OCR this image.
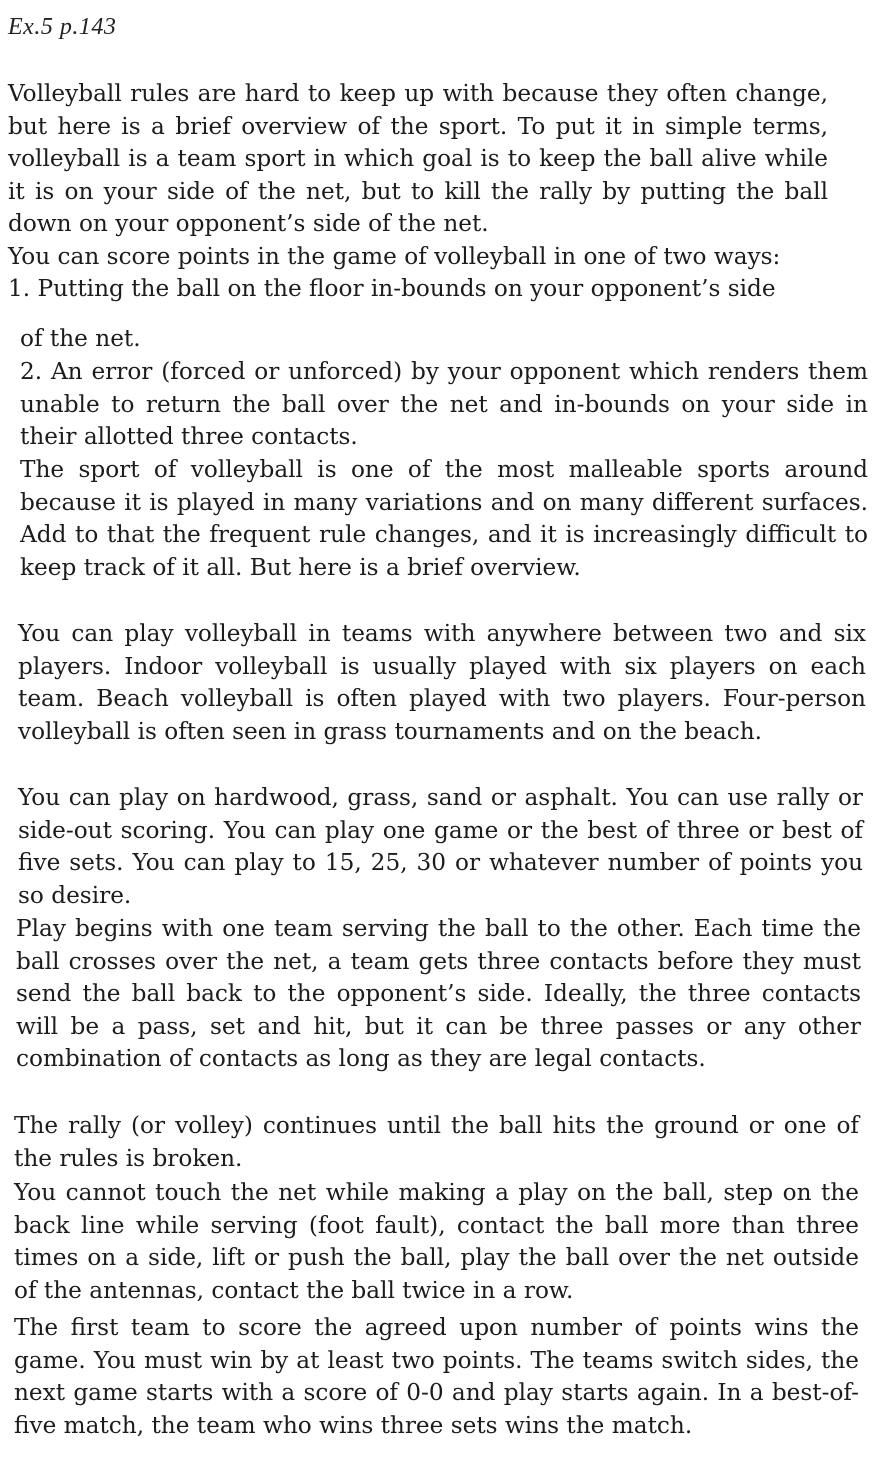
Ex.5 p.143
Volleyball rules are hard to keep up with because they often change, but here is a brief overview of the sport. To put it in simple terms, volleyball is a team sport in which goal is to keep the ball alive while it is on your side of the net, but to kill the rally by putting the ball down on your opponent’s side of the net.
You can score points in the game of volleyball in one of two ways:
1. Putting the ball on the floor in-bounds on your opponent’s side
of the net.
2. An error (forced or unforced) by your opponent which renders them unable to return the ball over the net and in-bounds on your side in their allotted three contacts.
The sport of volleyball is one of the most malleable sports around because it is played in many variations and on many different surfaces. Add to that the frequent rule changes, and it is increasingly difficult to keep track of it all. But here is a brief overview.
You can play volleyball in teams with anywhere between two and six players. Indoor volleyball is usually played with six players on each team. Beach volleyball is often played with two players. Four-person volleyball is often seen in grass tournaments and on the beach.
You can play on hardwood, grass, sand or asphalt. You can use rally or side-out scoring. You can play one game or the best of three or best of five sets. You can play to 15, 25, 30 or whatever number of points you so desire.
Play begins with one team serving the ball to the other. Each time the ball crosses over the net, a team gets three contacts before they must send the ball back to the opponent’s side. Ideally, the three contacts will be a pass, set and hit, but it can be three passes or any other combination of contacts as long as they are legal contacts.
The rally (or volley) continues until the ball hits the ground or one of the rules is broken.
You cannot touch the net while making a play on the ball, step on the back line while serving (foot fault), contact the ball more than three times on a side, lift or push the ball, play the ball over the net outside of the antennas, contact the ball twice in a row.
The first team to score the agreed upon number of points wins the game. You must win by at least two points. The teams switch sides, the next game starts with a score of 0-0 and play starts again. In a best-of-five match, the team who wins three sets wins the match.
